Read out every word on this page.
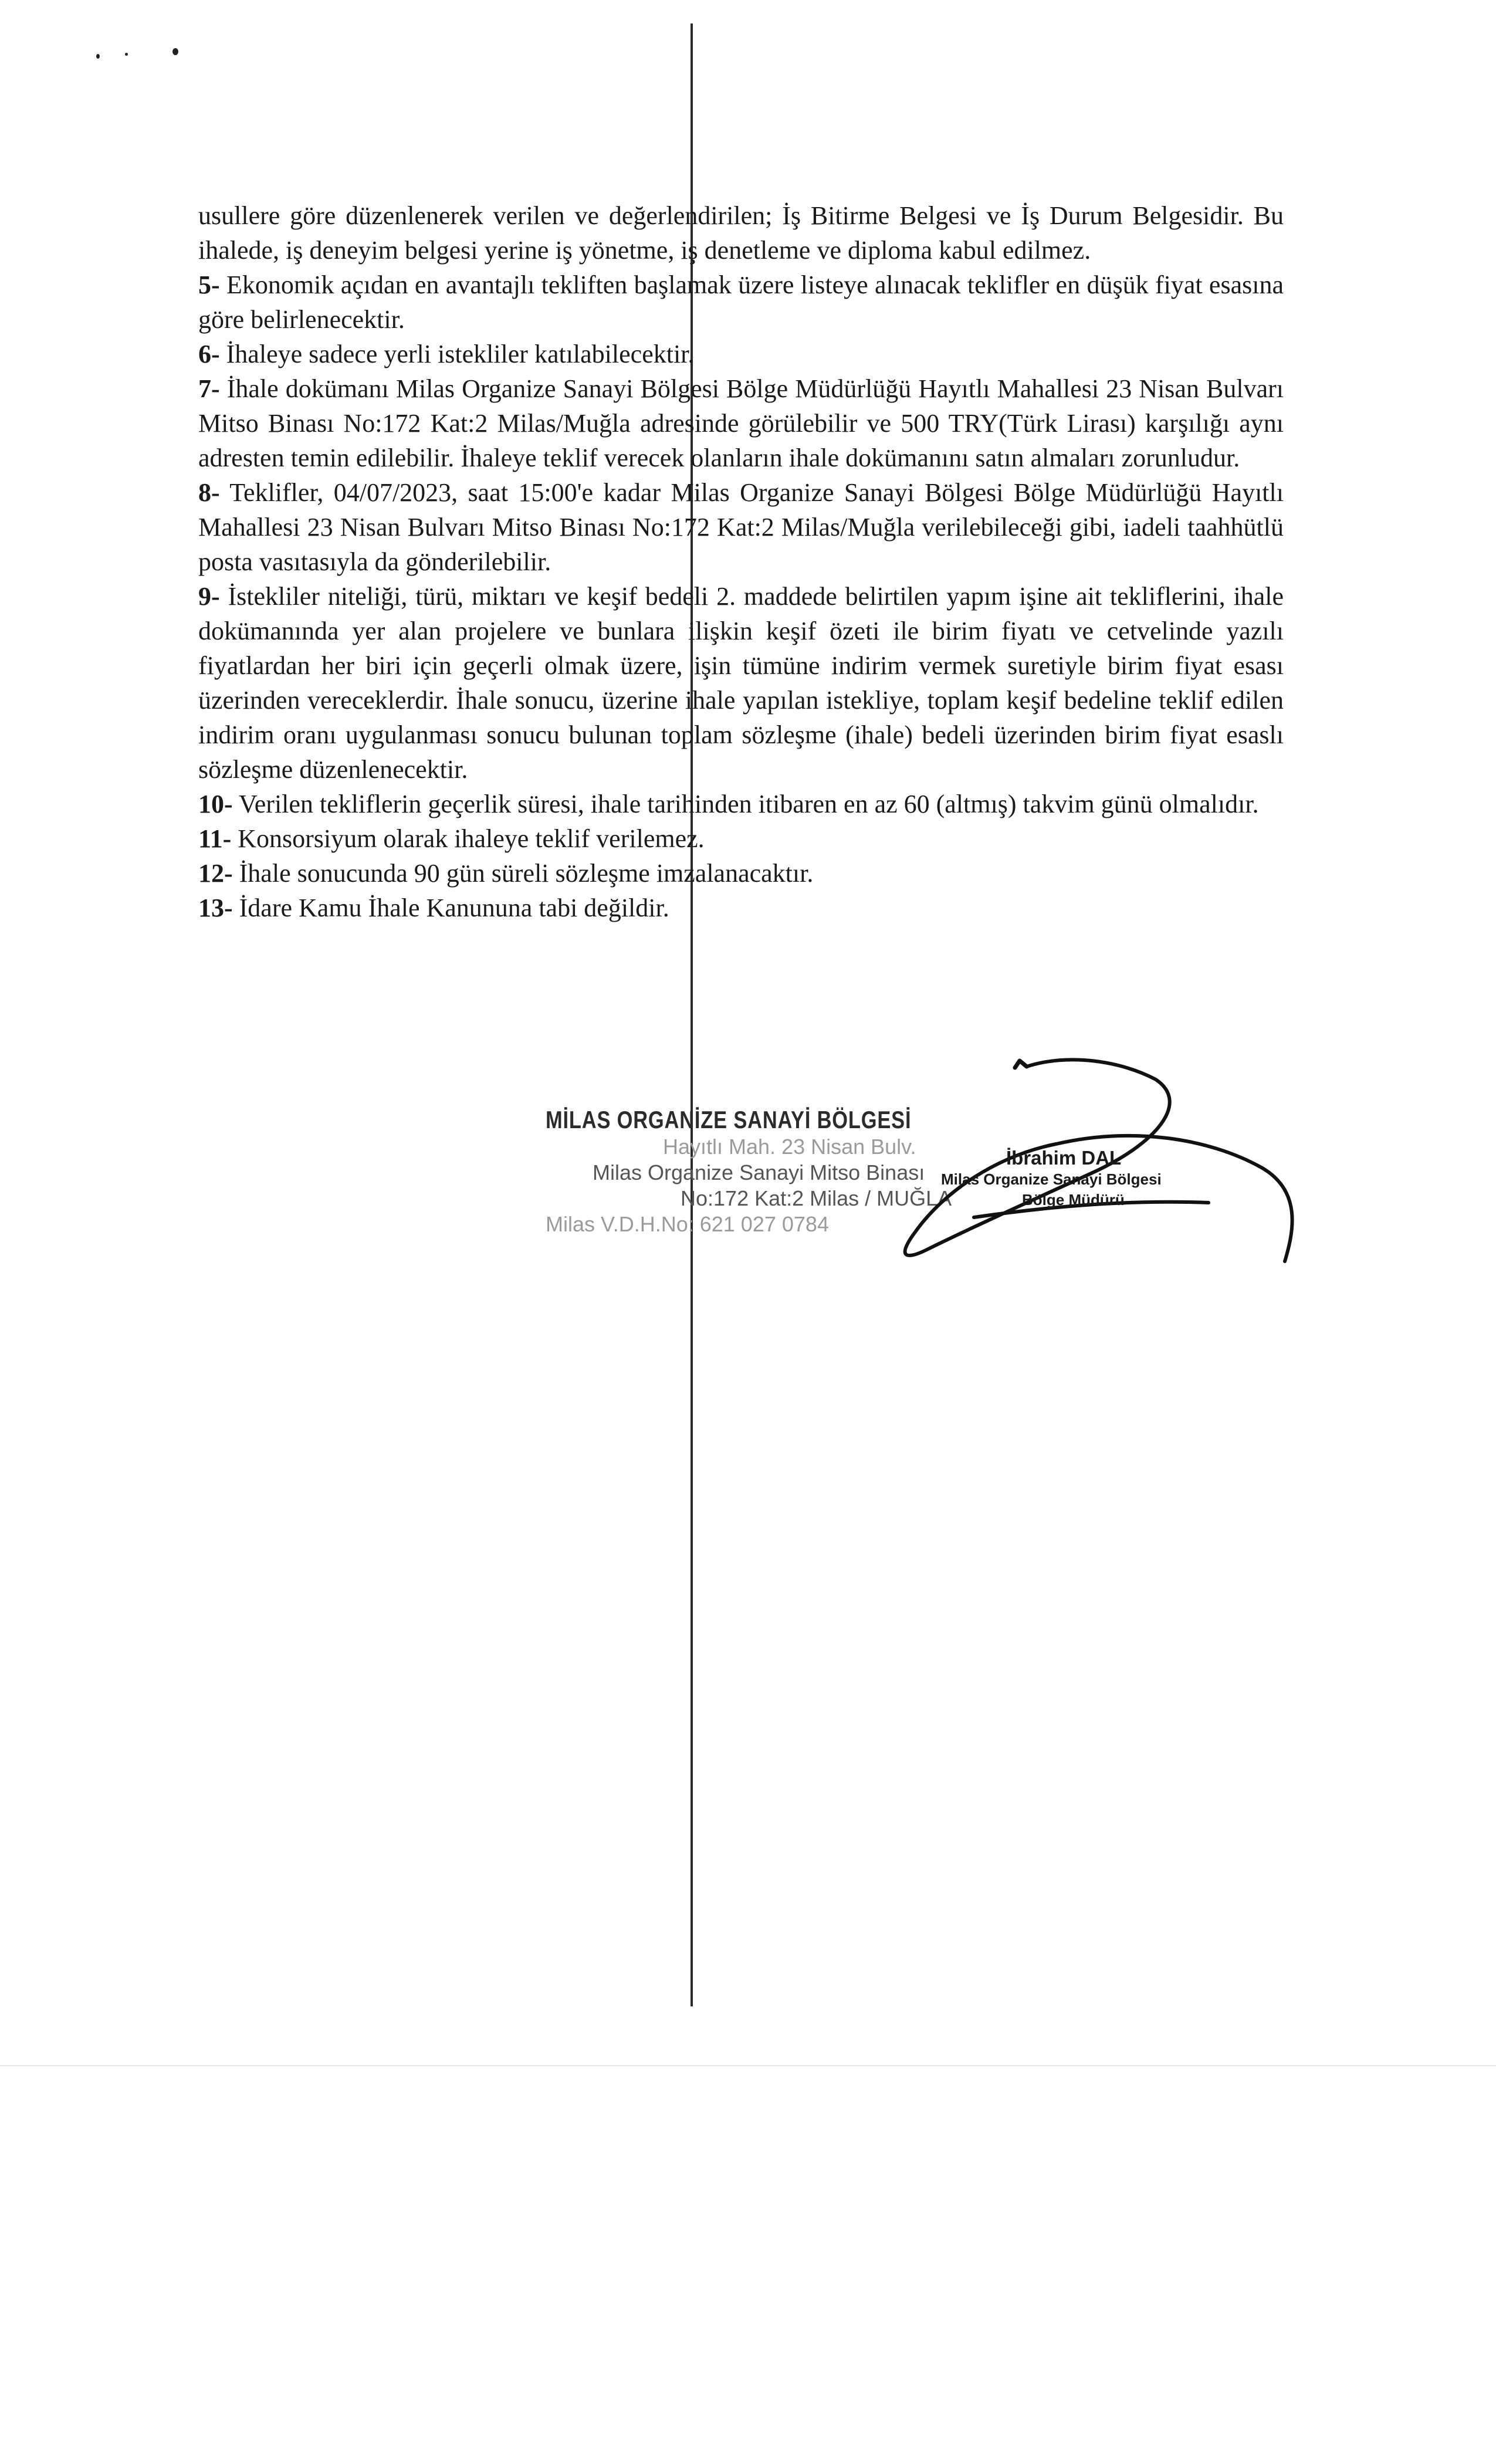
usullere göre düzenlenerek verilen ve değerlendirilen; İş Bitirme Belgesi ve İş Durum Belgesidir. Bu ihalede, iş deneyim belgesi yerine iş yönetme, iş denetleme ve diploma kabul edilmez.

5- Ekonomik açıdan en avantajlı tekliften başlamak üzere listeye alınacak teklifler en düşük fiyat esasına göre belirlenecektir.

6- İhaleye sadece yerli istekliler katılabilecektir.

7- İhale dokümanı Milas Organize Sanayi Bölgesi Bölge Müdürlüğü Hayıtlı Mahallesi 23 Nisan Bulvarı Mitso Binası No:172 Kat:2 Milas/Muğla adresinde görülebilir ve 500 TRY(Türk Lirası) karşılığı aynı adresten temin edilebilir. İhaleye teklif verecek olanların ihale dokümanını satın almaları zorunludur.

8- Teklifler, 04/07/2023, saat 15:00'e kadar Milas Organize Sanayi Bölgesi Bölge Müdürlüğü Hayıtlı Mahallesi 23 Nisan Bulvarı Mitso Binası No:172 Kat:2 Milas/Muğla verilebileceği gibi, iadeli taahhütlü posta vasıtasıyla da gönderilebilir.

9- İstekliler niteliği, türü, miktarı ve keşif bedeli 2. maddede belirtilen yapım işine ait tekliflerini, ihale dokümanında yer alan projelere ve bunlara ilişkin keşif özeti ile birim fiyatı ve cetvelinde yazılı fiyatlardan her biri için geçerli olmak üzere, işin tümüne indirim vermek suretiyle birim fiyat esası üzerinden vereceklerdir. İhale sonucu, üzerine ihale yapılan istekliye, toplam keşif bedeline teklif edilen indirim oranı uygulanması sonucu bulunan toplam sözleşme (ihale) bedeli üzerinden birim fiyat esaslı sözleşme düzenlenecektir.

10- Verilen tekliflerin geçerlik süresi, ihale tarihinden itibaren en az 60 (altmış) takvim günü olmalıdır.

11- Konsorsiyum olarak ihaleye teklif verilemez.

12- İhale sonucunda 90 gün süreli sözleşme imzalanacaktır.

13- İdare Kamu İhale Kanununa tabi değildir.

MİLAS ORGANİZE SANAYİ BÖLGESİ
Hayıtlı Mah. 23 Nisan Bulv.
Milas Organize Sanayi Mitso Binası
No:172 Kat:2 Milas / MUĞLA
Milas V.D.H.No: 621 027 0784
İbrahim DAL
Milas Organize Sanayi Bölgesi
Bölge Müdürü
